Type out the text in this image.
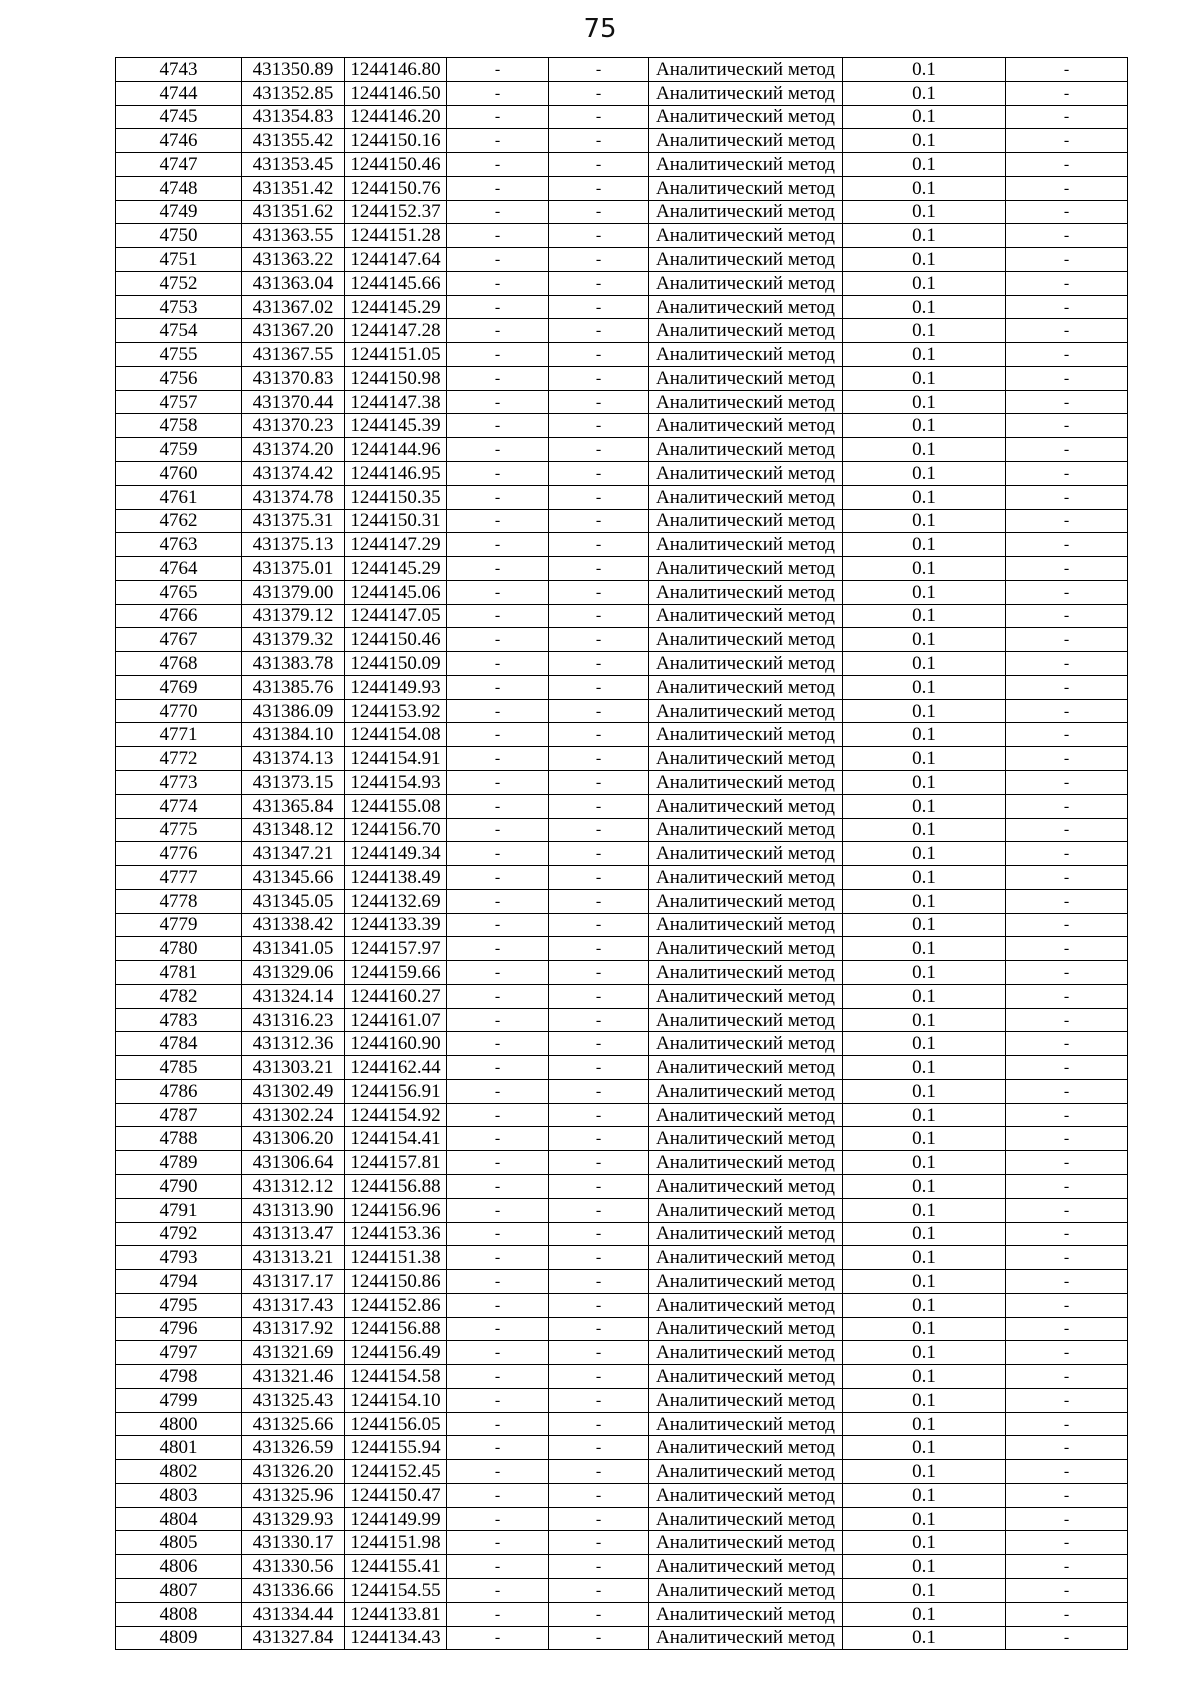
75
4743	431350.89	1244146.80	-	-	Аналитический метод	0.1	-
4744	431352.85	1244146.50	-	-	Аналитический метод	0.1	-
4745	431354.83	1244146.20	-	-	Аналитический метод	0.1	-
4746	431355.42	1244150.16	-	-	Аналитический метод	0.1	-
4747	431353.45	1244150.46	-	-	Аналитический метод	0.1	-
4748	431351.42	1244150.76	-	-	Аналитический метод	0.1	-
4749	431351.62	1244152.37	-	-	Аналитический метод	0.1	-
4750	431363.55	1244151.28	-	-	Аналитический метод	0.1	-
4751	431363.22	1244147.64	-	-	Аналитический метод	0.1	-
4752	431363.04	1244145.66	-	-	Аналитический метод	0.1	-
4753	431367.02	1244145.29	-	-	Аналитический метод	0.1	-
4754	431367.20	1244147.28	-	-	Аналитический метод	0.1	-
4755	431367.55	1244151.05	-	-	Аналитический метод	0.1	-
4756	431370.83	1244150.98	-	-	Аналитический метод	0.1	-
4757	431370.44	1244147.38	-	-	Аналитический метод	0.1	-
4758	431370.23	1244145.39	-	-	Аналитический метод	0.1	-
4759	431374.20	1244144.96	-	-	Аналитический метод	0.1	-
4760	431374.42	1244146.95	-	-	Аналитический метод	0.1	-
4761	431374.78	1244150.35	-	-	Аналитический метод	0.1	-
4762	431375.31	1244150.31	-	-	Аналитический метод	0.1	-
4763	431375.13	1244147.29	-	-	Аналитический метод	0.1	-
4764	431375.01	1244145.29	-	-	Аналитический метод	0.1	-
4765	431379.00	1244145.06	-	-	Аналитический метод	0.1	-
4766	431379.12	1244147.05	-	-	Аналитический метод	0.1	-
4767	431379.32	1244150.46	-	-	Аналитический метод	0.1	-
4768	431383.78	1244150.09	-	-	Аналитический метод	0.1	-
4769	431385.76	1244149.93	-	-	Аналитический метод	0.1	-
4770	431386.09	1244153.92	-	-	Аналитический метод	0.1	-
4771	431384.10	1244154.08	-	-	Аналитический метод	0.1	-
4772	431374.13	1244154.91	-	-	Аналитический метод	0.1	-
4773	431373.15	1244154.93	-	-	Аналитический метод	0.1	-
4774	431365.84	1244155.08	-	-	Аналитический метод	0.1	-
4775	431348.12	1244156.70	-	-	Аналитический метод	0.1	-
4776	431347.21	1244149.34	-	-	Аналитический метод	0.1	-
4777	431345.66	1244138.49	-	-	Аналитический метод	0.1	-
4778	431345.05	1244132.69	-	-	Аналитический метод	0.1	-
4779	431338.42	1244133.39	-	-	Аналитический метод	0.1	-
4780	431341.05	1244157.97	-	-	Аналитический метод	0.1	-
4781	431329.06	1244159.66	-	-	Аналитический метод	0.1	-
4782	431324.14	1244160.27	-	-	Аналитический метод	0.1	-
4783	431316.23	1244161.07	-	-	Аналитический метод	0.1	-
4784	431312.36	1244160.90	-	-	Аналитический метод	0.1	-
4785	431303.21	1244162.44	-	-	Аналитический метод	0.1	-
4786	431302.49	1244156.91	-	-	Аналитический метод	0.1	-
4787	431302.24	1244154.92	-	-	Аналитический метод	0.1	-
4788	431306.20	1244154.41	-	-	Аналитический метод	0.1	-
4789	431306.64	1244157.81	-	-	Аналитический метод	0.1	-
4790	431312.12	1244156.88	-	-	Аналитический метод	0.1	-
4791	431313.90	1244156.96	-	-	Аналитический метод	0.1	-
4792	431313.47	1244153.36	-	-	Аналитический метод	0.1	-
4793	431313.21	1244151.38	-	-	Аналитический метод	0.1	-
4794	431317.17	1244150.86	-	-	Аналитический метод	0.1	-
4795	431317.43	1244152.86	-	-	Аналитический метод	0.1	-
4796	431317.92	1244156.88	-	-	Аналитический метод	0.1	-
4797	431321.69	1244156.49	-	-	Аналитический метод	0.1	-
4798	431321.46	1244154.58	-	-	Аналитический метод	0.1	-
4799	431325.43	1244154.10	-	-	Аналитический метод	0.1	-
4800	431325.66	1244156.05	-	-	Аналитический метод	0.1	-
4801	431326.59	1244155.94	-	-	Аналитический метод	0.1	-
4802	431326.20	1244152.45	-	-	Аналитический метод	0.1	-
4803	431325.96	1244150.47	-	-	Аналитический метод	0.1	-
4804	431329.93	1244149.99	-	-	Аналитический метод	0.1	-
4805	431330.17	1244151.98	-	-	Аналитический метод	0.1	-
4806	431330.56	1244155.41	-	-	Аналитический метод	0.1	-
4807	431336.66	1244154.55	-	-	Аналитический метод	0.1	-
4808	431334.44	1244133.81	-	-	Аналитический метод	0.1	-
4809	431327.84	1244134.43	-	-	Аналитический метод	0.1	-
